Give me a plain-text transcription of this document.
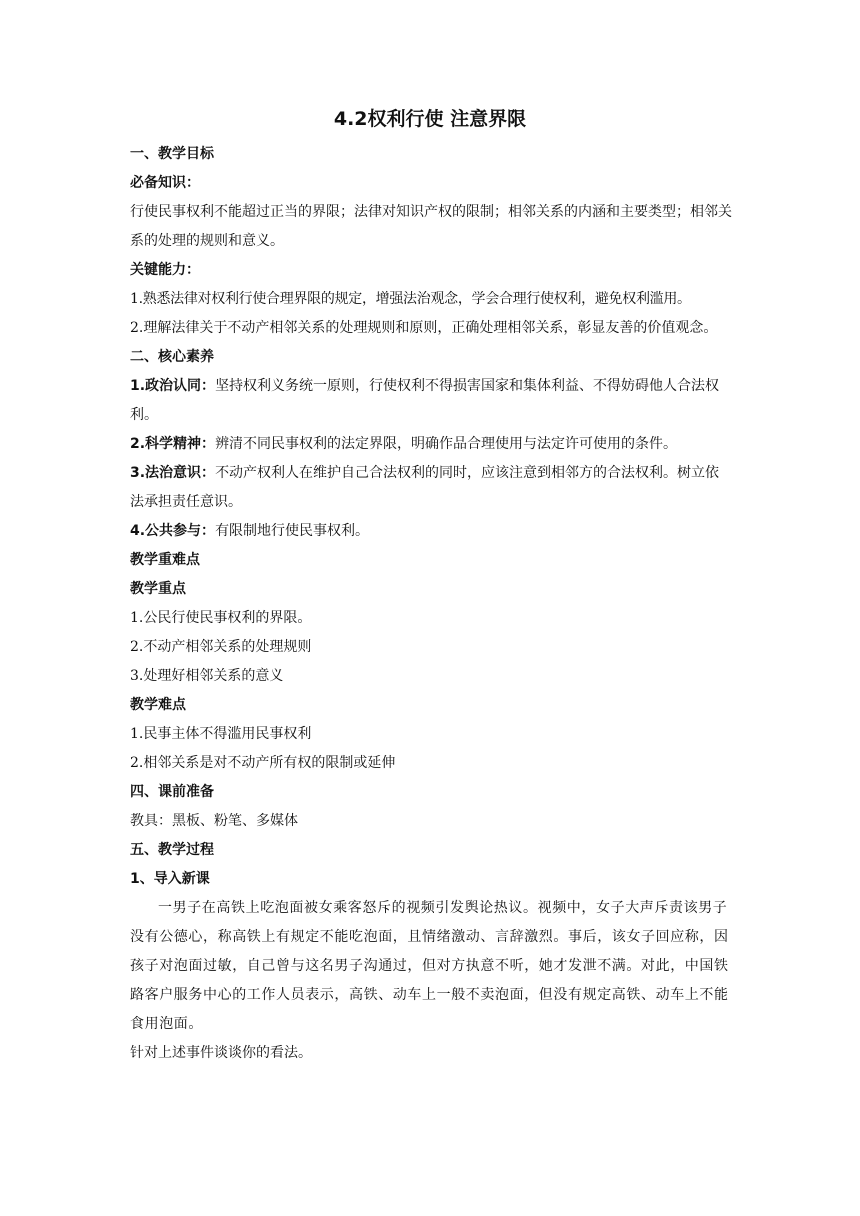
4.2权利行使 注意界限

一、教学目标

必备知识：

行使民事权利不能超过正当的界限；法律对知识产权的限制；相邻关系的内涵和主要类型；相邻关系的处理的规则和意义。

关键能力：

1.熟悉法律对权利行使合理界限的规定，增强法治观念，学会合理行使权利，避免权利滥用。

2.理解法律关于不动产相邻关系的处理规则和原则，正确处理相邻关系，彰显友善的价值观念。

二、核心素养

1.政治认同：坚持权利义务统一原则，行使权利不得损害国家和集体利益、不得妨碍他人合法权利。

2.科学精神：辨清不同民事权利的法定界限，明确作品合理使用与法定许可使用的条件。

3.法治意识：不动产权利人在维护自己合法权利的同时，应该注意到相邻方的合法权利。树立依法承担责任意识。

4.公共参与：有限制地行使民事权利。

教学重难点

教学重点

1.公民行使民事权利的界限。

2.不动产相邻关系的处理规则

3.处理好相邻关系的意义

教学难点

1.民事主体不得滥用民事权利

2.相邻关系是对不动产所有权的限制或延伸

四、课前准备

教具：黑板、粉笔、多媒体

五、教学过程

1、导入新课

一男子在高铁上吃泡面被女乘客怒斥的视频引发舆论热议。视频中，女子大声斥责该男子没有公德心，称高铁上有规定不能吃泡面，且情绪激动、言辞激烈。事后，该女子回应称，因孩子对泡面过敏，自己曾与这名男子沟通过，但对方执意不听，她才发泄不满。对此，中国铁路客户服务中心的工作人员表示，高铁、动车上一般不卖泡面，但没有规定高铁、动车上不能食用泡面。

针对上述事件谈谈你的看法。
